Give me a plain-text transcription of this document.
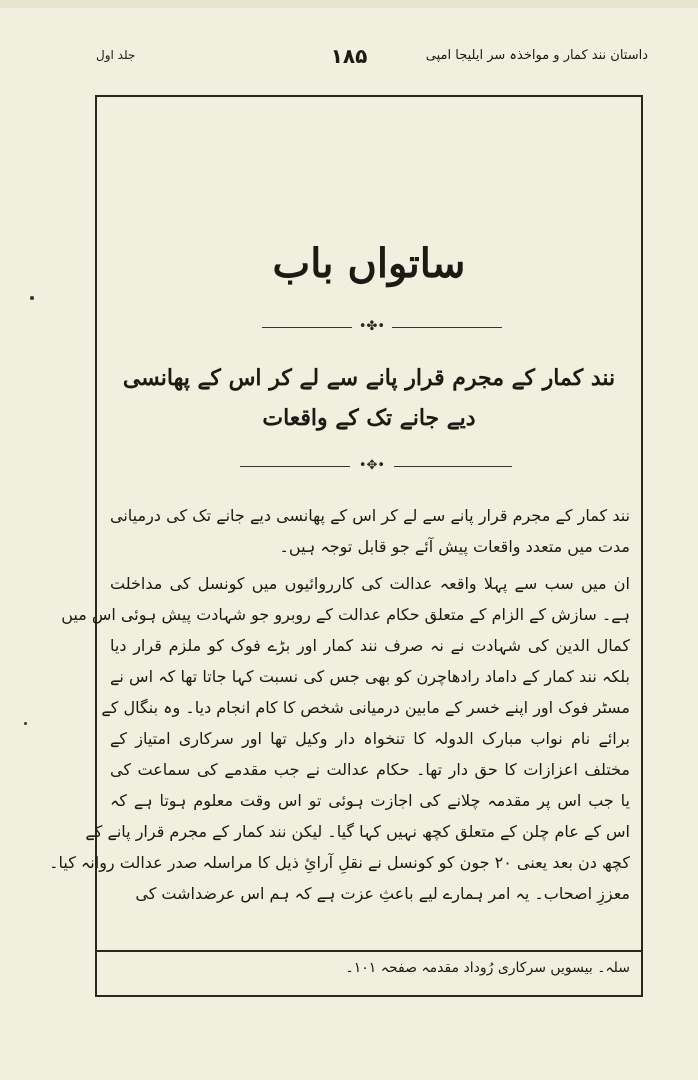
داستان نند کمار و مواخذہ سر ایلیجا امپی
۱۸۵
جلد اول
ساتواں باب
•✤•
نند کمار کے مجرم قرار پانے سے لے کر اس کے پھانسی
دیے جانے تک کے واقعات
•✥•
نند کمار کے مجرم قرار پانے سے لے کر اس کے پھانسی دیے جانے تک کی درمیانی
مدت میں متعدد واقعات پیش آئے جو قابل توجہ ہیں۔
ان میں سب سے پہلا واقعہ عدالت کی کارروائیوں میں کونسل کی مداخلت
ہے۔ سازش کے الزام کے متعلق حکام عدالت کے روبرو جو شہادت پیش ہوئی اس میں
کمال الدین کی شہادت نے نہ صرف نند کمار اور بڑے فوک کو ملزم قرار دیا
بلکہ نند کمار کے داماد رادھاچرن کو بھی جس کی نسبت کہا جاتا تھا کہ اس نے
مسٹر فوک اور اپنے خسر کے مابین درمیانی شخص کا کام انجام دیا۔ وہ بنگال کے
برائے نام نواب مبارک الدولہ کا تنخواہ دار وکیل تھا اور سرکاری امتیاز کے
مختلف اعزازات کا حق دار تھا۔ حکام عدالت نے جب مقدمے کی سماعت کی
یا جب اس پر مقدمہ چلانے کی اجازت ہوئی تو اس وقت معلوم ہوتا ہے کہ
اس کے عام چلن کے متعلق کچھ نہیں کہا گیا۔ لیکن نند کمار کے مجرم قرار پانے کے
کچھ دن بعد یعنی ۲۰ جون کو کونسل نے نقلِ آرائِ ذیل کا مراسلہ صدر عدالت روانہ کیا۔
معززِ اصحاب۔ یہ امر ہمارے لیے باعثِ عزت ہے کہ ہم اس عرضداشت کی
سلہ۔ بیسویں سرکاری رُوداد مقدمہ صفحہ ۱۰۱۔
